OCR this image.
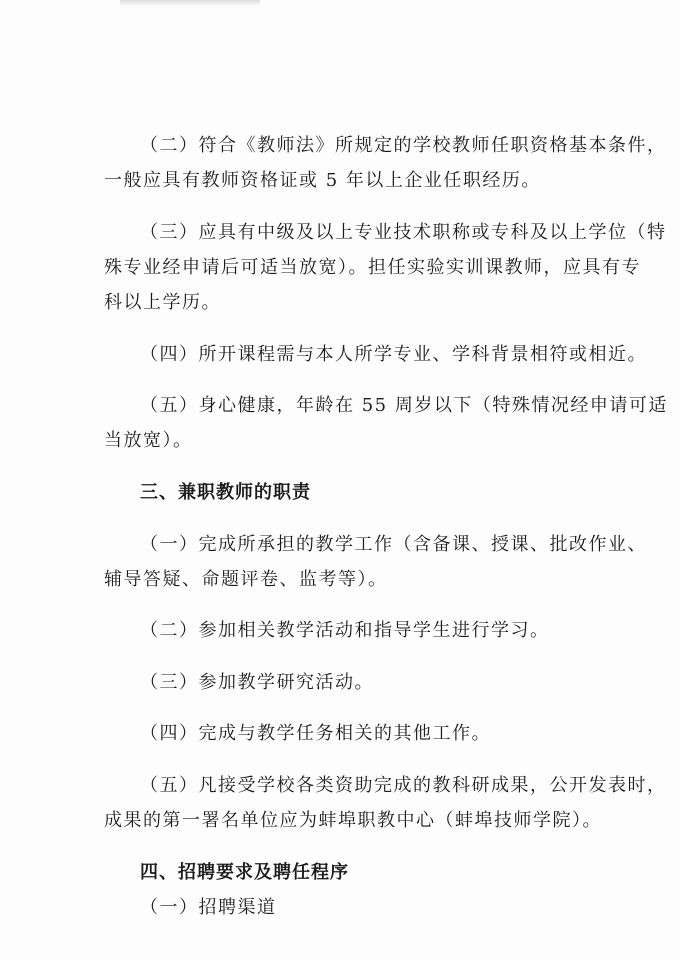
（二）符合《教师法》所规定的学校教师任职资格基本条件，
一般应具有教师资格证或 5 年以上企业任职经历。
（三）应具有中级及以上专业技术职称或专科及以上学位（特
殊专业经申请后可适当放宽）。担任实验实训课教师，应具有专
科以上学历。
（四）所开课程需与本人所学专业、学科背景相符或相近。
（五）身心健康，年龄在 55 周岁以下（特殊情况经申请可适
当放宽）。
三、兼职教师的职责
（一）完成所承担的教学工作（含备课、授课、批改作业、
辅导答疑、命题评卷、监考等）。
（二）参加相关教学活动和指导学生进行学习。
（三）参加教学研究活动。
（四）完成与教学任务相关的其他工作。
（五）凡接受学校各类资助完成的教科研成果，公开发表时，
成果的第一署名单位应为蚌埠职教中心（蚌埠技师学院）。
四、招聘要求及聘任程序
（一）招聘渠道
